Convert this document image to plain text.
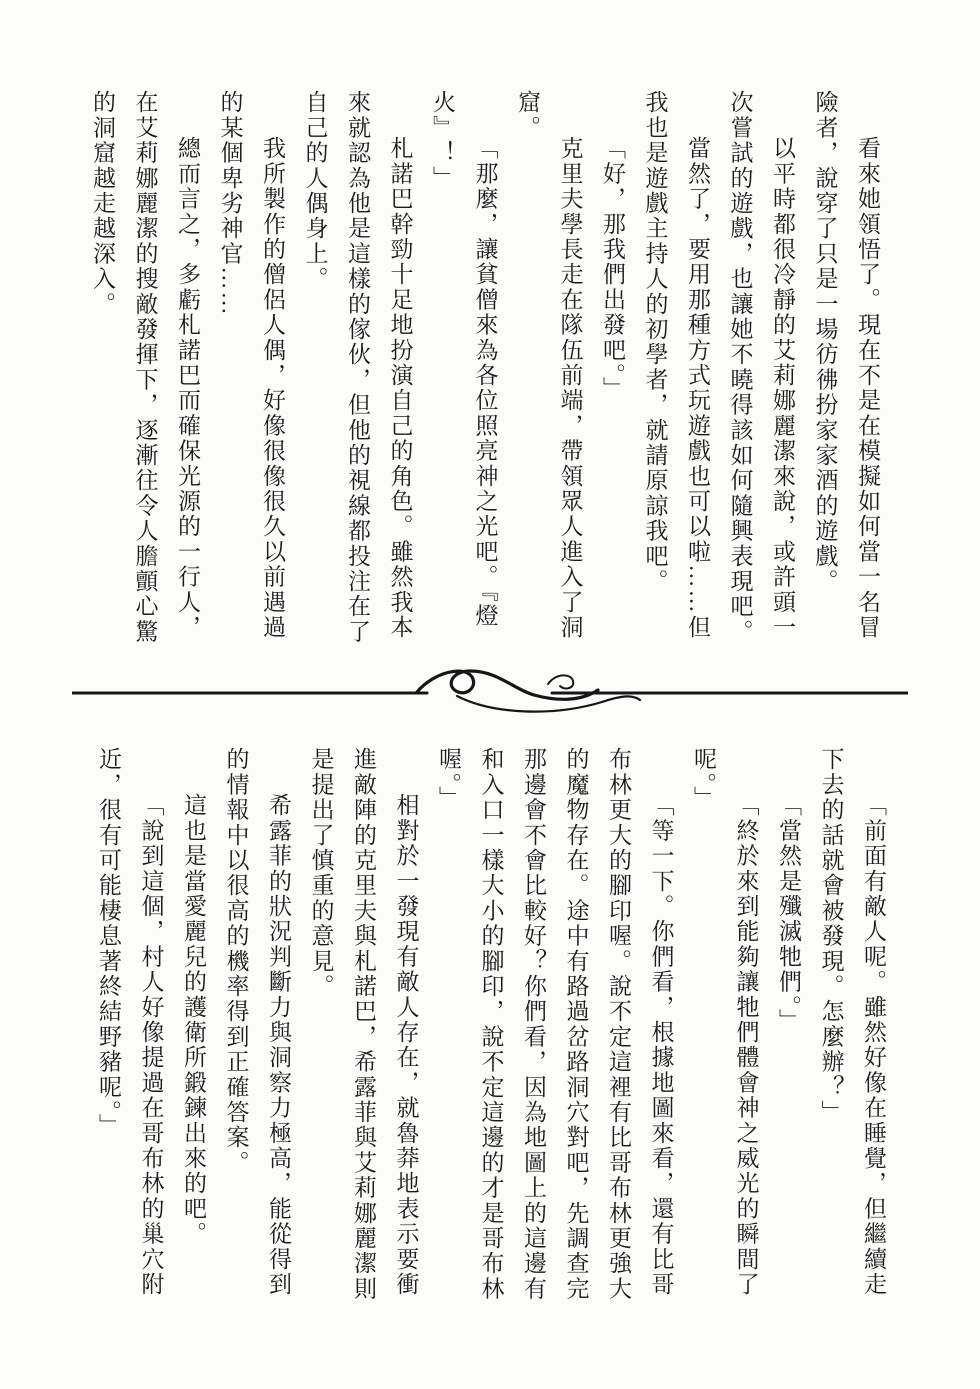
看來她領悟了。現在不是在模擬如何當一名冒險者，說穿了只是一場彷彿扮家家酒的遊戲。

以平時都很冷靜的艾莉娜麗潔來說，或許頭一次嘗試的遊戲，也讓她不曉得該如何隨興表現吧。

當然了，要用那種方式玩遊戲也可以啦……但我也是遊戲主持人的初學者，就請原諒我吧。

「好，那我們出發吧。」

克里夫學長走在隊伍前端，帶領眾人進入了洞窟。

「那麼，讓貧僧來為各位照亮神之光吧。『燈火』！」

札諾巴幹勁十足地扮演自己的角色。雖然我本來就認為他是這樣的傢伙，但他的視線都投注在了自己的人偶身上。

我所製作的僧侶人偶，好像很像很久以前遇過的某個卑劣神官……

總而言之，多虧札諾巴而確保光源的一行人，在艾莉娜麗潔的搜敵發揮下，逐漸往令人膽顫心驚的洞窟越走越深入。

「前面有敵人呢。雖然好像在睡覺，但繼續走下去的話就會被發現。怎麼辦？」

「當然是殲滅牠們。」

「終於來到能夠讓牠們體會神之威光的瞬間了呢。」

「等一下。你們看，根據地圖來看，還有比哥布林更大的腳印喔。說不定這裡有比哥布林更強大的魔物存在。途中有路過岔路洞穴對吧，先調查完那邊會不會比較好？你們看，因為地圖上的這邊有和入口一樣大小的腳印，說不定這邊的才是哥布林喔。」

相對於一發現有敵人存在，就魯莽地表示要衝進敵陣的克里夫與札諾巴，希露菲與艾莉娜麗潔則是提出了慎重的意見。

希露菲的狀況判斷力與洞察力極高，能從得到的情報中以很高的機率得到正確答案。

這也是當愛麗兒的護衛所鍛鍊出來的吧。

「說到這個，村人好像提過在哥布林的巢穴附近，很有可能棲息著終結野豬呢。」
